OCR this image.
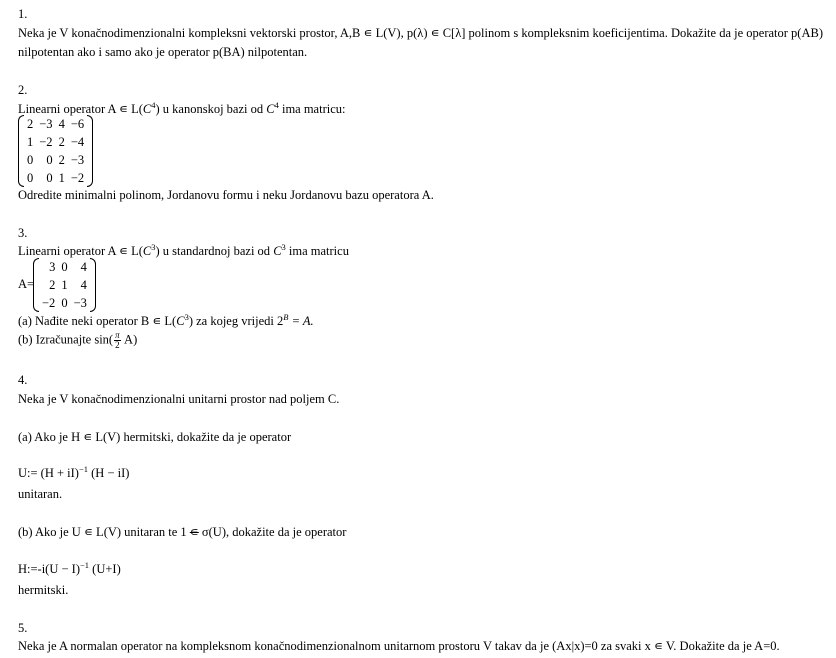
1.
Neka je V konačnodimenzionalni kompleksni vektorski prostor, A,B ∊ L(V), p(λ) ∊ C[λ] polinom s kompleksnim koeficijentima. Dokažite da je operator p(AB)
nilpotentan ako i samo ako je operator p(BA) nilpotentan.
2.
Linearni operator A ∊ $L(C^4)$ u kanonskoj bazi od $C^4$ ima matricu:
2	−3	4	−6
1	−2	2	−4
0	0	2	−3
0	0	1	−2
Odredite minimalni polinom, Jordanovu formu i neku Jordanovu bazu operatora A.
3.
Linearni operator A ∊ $L(C^3)$ u standardnoj bazi od $C^3$ ima matricu
A=
3	0	4
2	1	4
−2	0	−3
(a) Nađite neki operator B ∊ $L(C^3)$ za kojeg vrijedi $2^B = A$.
(b) Izračunajte $\sin( \frac{\pi}{2} A)$
4.
Neka je V konačnodimenzionalni unitarni prostor nad poljem C.
(a) Ako je H ∊ L(V) hermitski, dokažite da je operator
U:= (H + iI)$^{-1}$ (H − iI)
unitaran.
(b) Ako je U ∊ L(V) unitaran te 1 ∊ σ(U), dokažite da je operator
H:=-i(U − I)$^{-1}$ (U+I)
hermitski.
5.
Neka je A normalan operator na kompleksnom konačnodimenzionalnom unitarnom prostoru V takav da je (Ax|x)=0 za svaki x ∊ V. Dokažite da je A=0.
